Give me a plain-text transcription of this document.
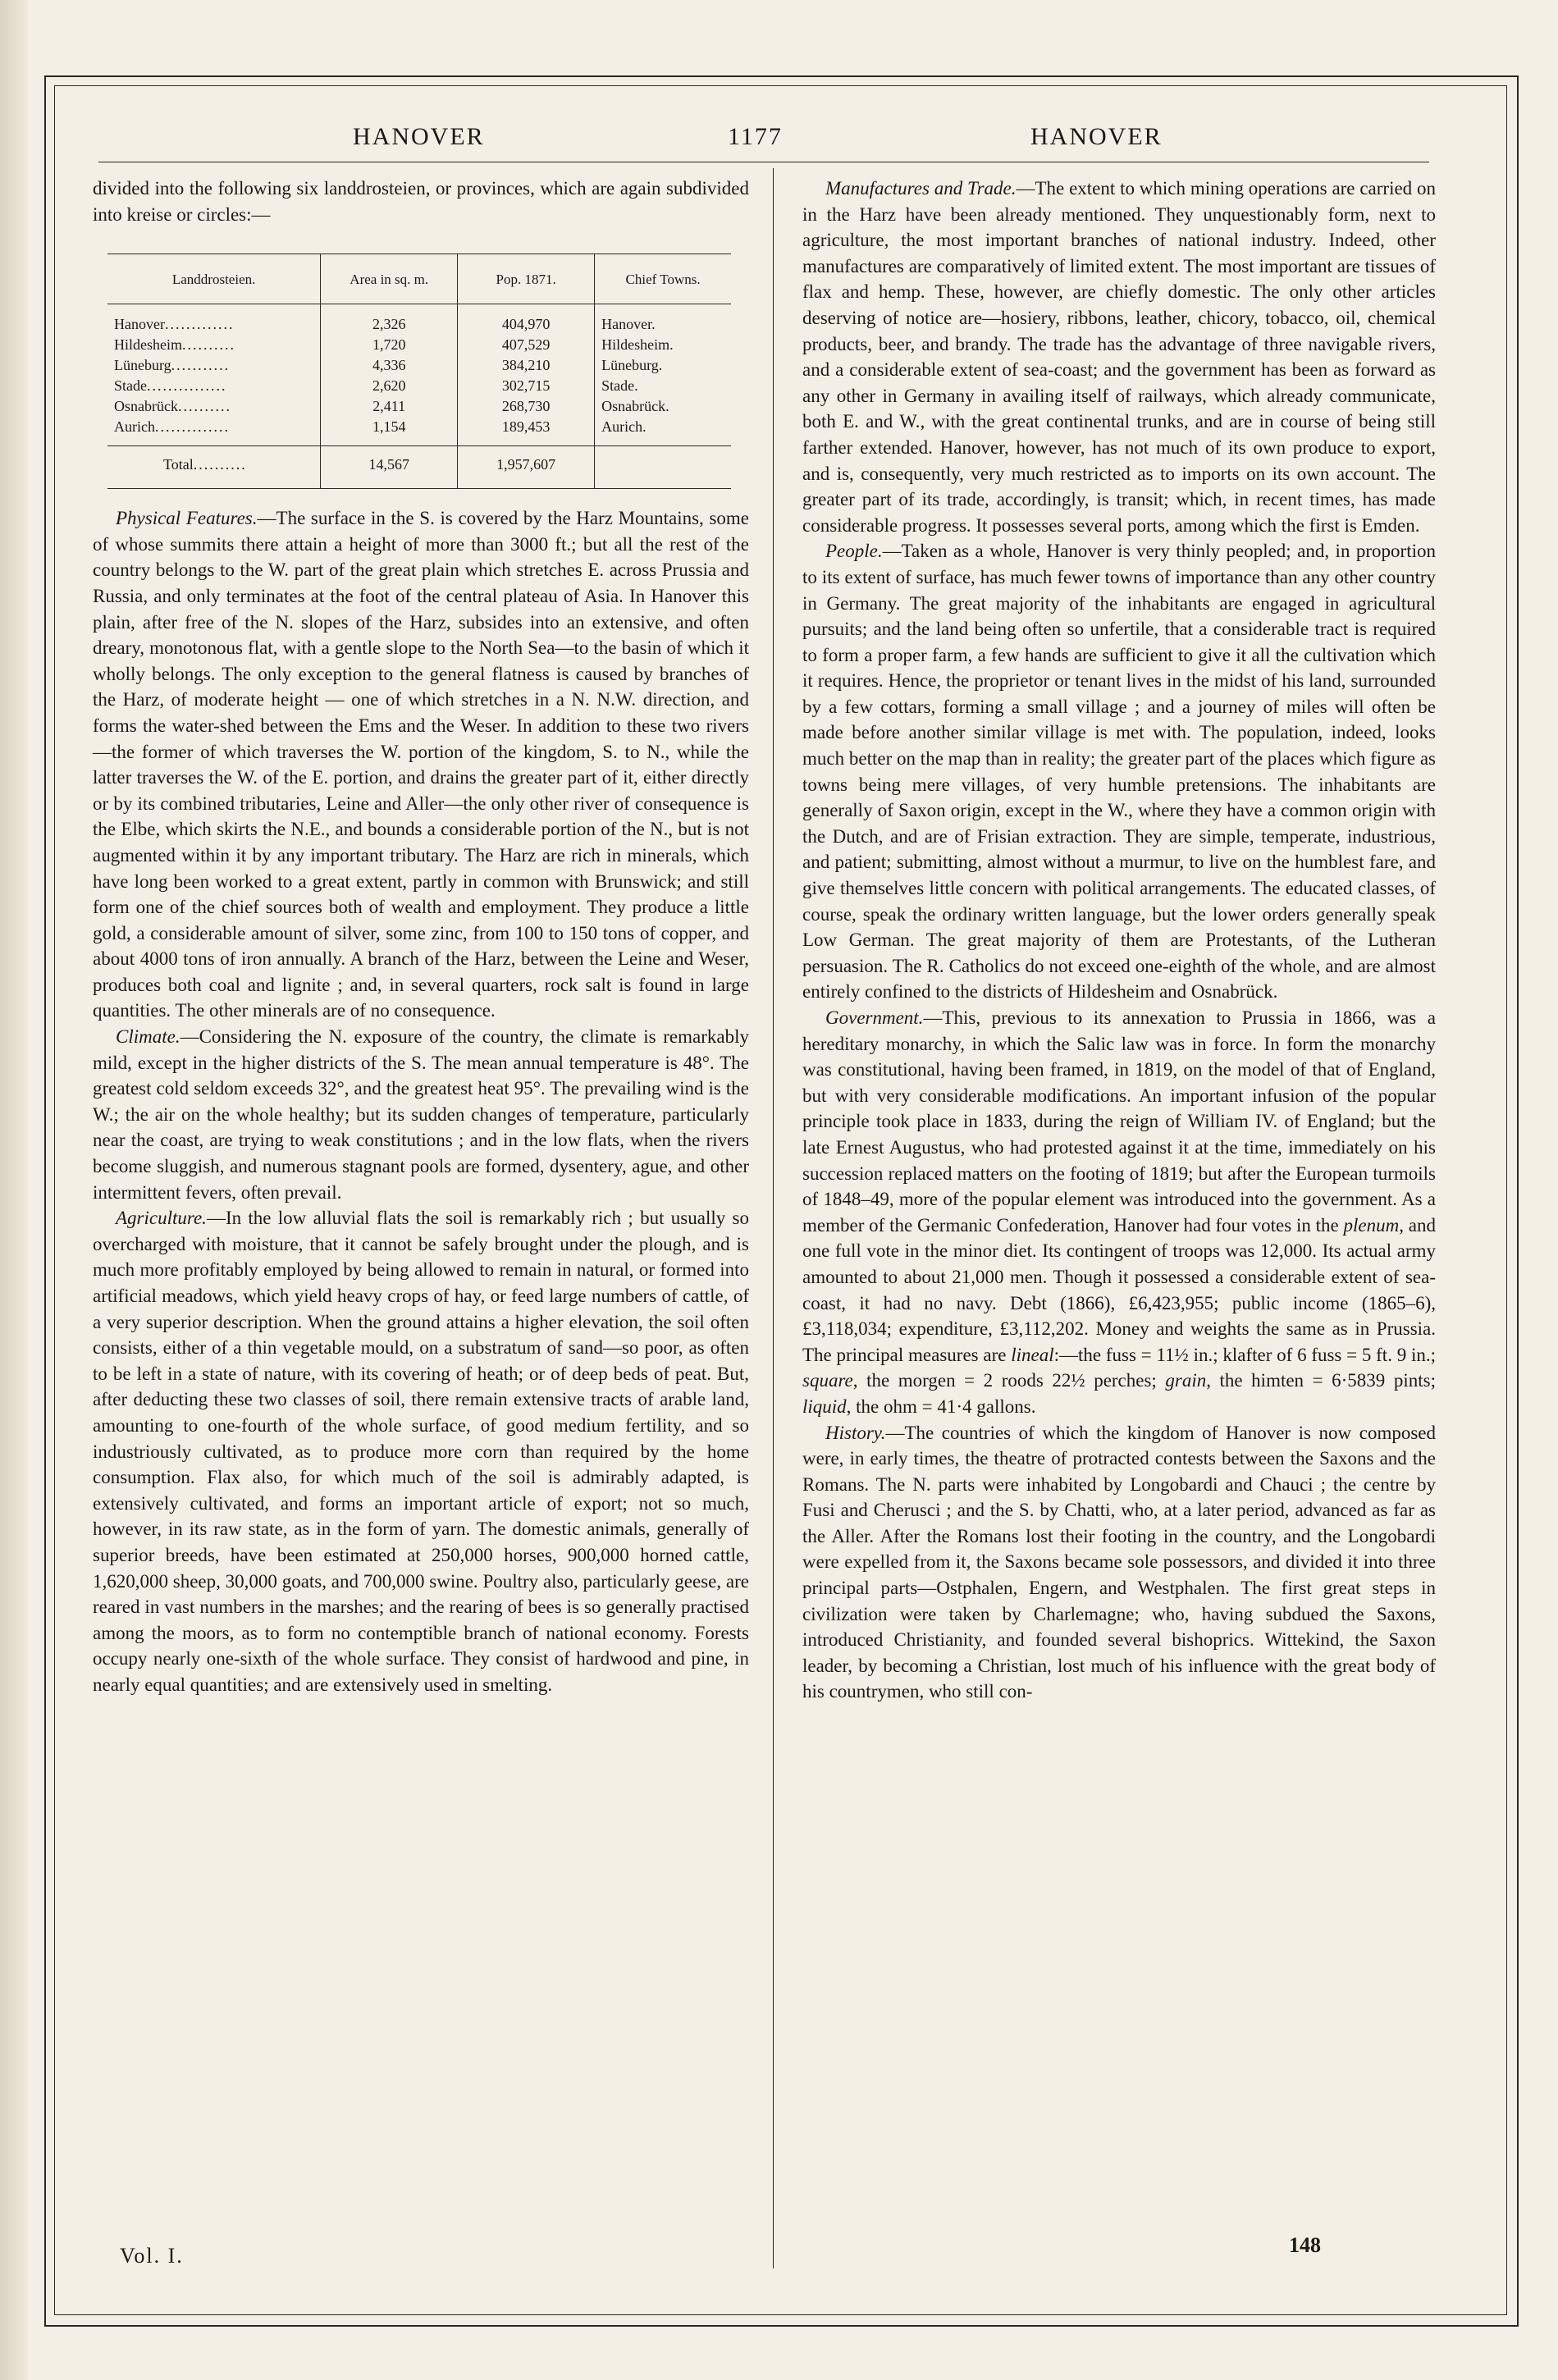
HANOVER	1177	HANOVER

divided into the following six landdrosteien, or provinces, which are again subdivided into kreise or circles:—

Landdrosteien.	Area in sq. m.	Pop. 1871.	Chief Towns.
Hanover.............	2,326	404,970	Hanover.
Hildesheim..........	1,720	407,529	Hildesheim.
Lüneburg...........	4,336	384,210	Lüneburg.
Stade...............	2,620	302,715	Stade.
Osnabrück..........	2,411	268,730	Osnabrück.
Aurich..............	1,154	189,453	Aurich.
Total..........	14,567	1,957,607	

Physical Features.—The surface in the S. is covered by the Harz Mountains, some of whose summits there attain a height of more than 3000 ft.; but all the rest of the country belongs to the W. part of the great plain which stretches E. across Prussia and Russia, and only terminates at the foot of the central plateau of Asia. In Hanover this plain, after free of the N. slopes of the Harz, subsides into an extensive, and often dreary, monotonous flat, with a gentle slope to the North Sea—to the basin of which it wholly belongs. The only exception to the general flatness is caused by branches of the Harz, of moderate height — one of which stretches in a N. N.W. direction, and forms the water-shed between the Ems and the Weser. In addition to these two rivers—the former of which traverses the W. portion of the kingdom, S. to N., while the latter traverses the W. of the E. portion, and drains the greater part of it, either directly or by its combined tributaries, Leine and Aller—the only other river of consequence is the Elbe, which skirts the N.E., and bounds a considerable portion of the N., but is not augmented within it by any important tributary. The Harz are rich in minerals, which have long been worked to a great extent, partly in common with Brunswick; and still form one of the chief sources both of wealth and employment. They produce a little gold, a considerable amount of silver, some zinc, from 100 to 150 tons of copper, and about 4000 tons of iron annually. A branch of the Harz, between the Leine and Weser, produces both coal and lignite ; and, in several quarters, rock salt is found in large quantities. The other minerals are of no consequence.

Climate.—Considering the N. exposure of the country, the climate is remarkably mild, except in the higher districts of the S. The mean annual temperature is 48°. The greatest cold seldom exceeds 32°, and the greatest heat 95°. The prevailing wind is the W.; the air on the whole healthy; but its sudden changes of temperature, particularly near the coast, are trying to weak constitutions ; and in the low flats, when the rivers become sluggish, and numerous stagnant pools are formed, dysentery, ague, and other intermittent fevers, often prevail.

Agriculture.—In the low alluvial flats the soil is remarkably rich ; but usually so overcharged with moisture, that it cannot be safely brought under the plough, and is much more profitably employed by being allowed to remain in natural, or formed into artificial meadows, which yield heavy crops of hay, or feed large numbers of cattle, of a very superior description. When the ground attains a higher elevation, the soil often consists, either of a thin vegetable mould, on a substratum of sand—so poor, as often to be left in a state of nature, with its covering of heath; or of deep beds of peat. But, after deducting these two classes of soil, there remain extensive tracts of arable land, amounting to one-fourth of the whole surface, of good medium fertility, and so industriously cultivated, as to produce more corn than required by the home consumption. Flax also, for which much of the soil is admirably adapted, is extensively cultivated, and forms an important article of export; not so much, however, in its raw state, as in the form of yarn. The domestic animals, generally of superior breeds, have been estimated at 250,000 horses, 900,000 horned cattle, 1,620,000 sheep, 30,000 goats, and 700,000 swine. Poultry also, particularly geese, are reared in vast numbers in the marshes; and the rearing of bees is so generally practised among the moors, as to form no contemptible branch of national economy. Forests occupy nearly one-sixth of the whole surface. They consist of hardwood and pine, in nearly equal quantities; and are extensively used in smelting.

Manufactures and Trade.—The extent to which mining operations are carried on in the Harz have been already mentioned. They unquestionably form, next to agriculture, the most important branches of national industry. Indeed, other manufactures are comparatively of limited extent. The most important are tissues of flax and hemp. These, however, are chiefly domestic. The only other articles deserving of notice are—hosiery, ribbons, leather, chicory, tobacco, oil, chemical products, beer, and brandy. The trade has the advantage of three navigable rivers, and a considerable extent of sea-coast; and the government has been as forward as any other in Germany in availing itself of railways, which already communicate, both E. and W., with the great continental trunks, and are in course of being still farther extended. Hanover, however, has not much of its own produce to export, and is, consequently, very much restricted as to imports on its own account. The greater part of its trade, accordingly, is transit; which, in recent times, has made considerable progress. It possesses several ports, among which the first is Emden.

People.—Taken as a whole, Hanover is very thinly peopled; and, in proportion to its extent of surface, has much fewer towns of importance than any other country in Germany. The great majority of the inhabitants are engaged in agricultural pursuits; and the land being often so unfertile, that a considerable tract is required to form a proper farm, a few hands are sufficient to give it all the cultivation which it requires. Hence, the proprietor or tenant lives in the midst of his land, surrounded by a few cottars, forming a small village ; and a journey of miles will often be made before another similar village is met with. The population, indeed, looks much better on the map than in reality; the greater part of the places which figure as towns being mere villages, of very humble pretensions. The inhabitants are generally of Saxon origin, except in the W., where they have a common origin with the Dutch, and are of Frisian extraction. They are simple, temperate, industrious, and patient; submitting, almost without a murmur, to live on the humblest fare, and give themselves little concern with political arrangements. The educated classes, of course, speak the ordinary written language, but the lower orders generally speak Low German. The great majority of them are Protestants, of the Lutheran persuasion. The R. Catholics do not exceed one-eighth of the whole, and are almost entirely confined to the districts of Hildesheim and Osnabrück.

Government.—This, previous to its annexation to Prussia in 1866, was a hereditary monarchy, in which the Salic law was in force. In form the monarchy was constitutional, having been framed, in 1819, on the model of that of England, but with very considerable modifications. An important infusion of the popular principle took place in 1833, during the reign of William IV. of England; but the late Ernest Augustus, who had protested against it at the time, immediately on his succession replaced matters on the footing of 1819; but after the European turmoils of 1848–49, more of the popular element was introduced into the government. As a member of the Germanic Confederation, Hanover had four votes in the plenum, and one full vote in the minor diet. Its contingent of troops was 12,000. Its actual army amounted to about 21,000 men. Though it possessed a considerable extent of sea-coast, it had no navy. Debt (1866), £6,423,955; public income (1865–6), £3,118,034; expenditure, £3,112,202. Money and weights the same as in Prussia. The principal measures are lineal:—the fuss = 11½ in.; klafter of 6 fuss = 5 ft. 9 in.; square, the morgen = 2 roods 22½ perches; grain, the himten = 6·5839 pints; liquid, the ohm = 41·4 gallons.

History.—The countries of which the kingdom of Hanover is now composed were, in early times, the theatre of protracted contests between the Saxons and the Romans. The N. parts were inhabited by Longobardi and Chauci ; the centre by Fusi and Cherusci ; and the S. by Chatti, who, at a later period, advanced as far as the Aller. After the Romans lost their footing in the country, and the Longobardi were expelled from it, the Saxons became sole possessors, and divided it into three principal parts—Ostphalen, Engern, and Westphalen. The first great steps in civilization were taken by Charlemagne; who, having subdued the Saxons, introduced Christianity, and founded several bishoprics. Wittekind, the Saxon leader, by becoming a Christian, lost much of his influence with the great body of his countrymen, who still con-

Vol. I.	148
